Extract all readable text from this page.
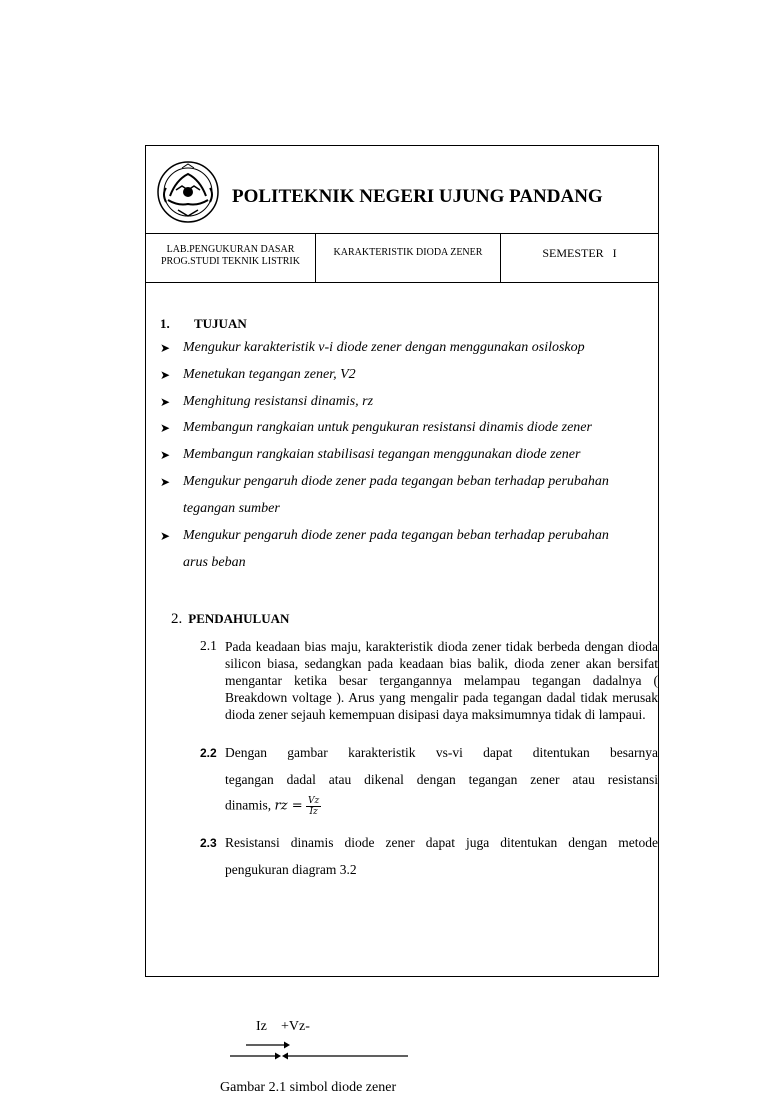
POLITEKNIK NEGERI UJUNG PANDANG
LAB.PENGUKURAN DASAR
PROG.STUDI TEKNIK LISTRIK
KARAKTERISTIK DIODA ZENER	SEMESTER   I
1. TUJUAN
➤ Mengukur karakteristik v-i diode zener dengan menggunakan osiloskop
➤ Menetukan tegangan zener, V2
➤ Menghitung resistansi dinamis, rz
➤ Membangun rangkaian untuk pengukuran resistansi dinamis diode zener
➤ Membangun rangkaian stabilisasi tegangan menggunakan diode zener
➤ Mengukur pengaruh diode zener pada tegangan beban terhadap perubahan
tegangan sumber
➤ Mengukur pengaruh diode zener pada tegangan beban terhadap perubahan
arus beban
2. PENDAHULUAN
2.1 Pada keadaan bias maju, karakteristik dioda zener tidak berbeda dengan dioda silicon biasa, sedangkan pada keadaan bias balik, dioda zener akan bersifat mengantar ketika besar tergangannya melampau tegangan dadalnya ( Breakdown voltage ). Arus yang mengalir pada tegangan dadal tidak merusak dioda zener sejauh kemempuan disipasi daya maksimumnya tidak di lampaui.
2.2 Dengan gambar karakteristik vs-vi dapat ditentukan besarnya
tegangan dadal atau dikenal dengan tegangan zener atau resistansi
dinamis, rz = $\frac{Vz}{Iz}$
2.3 Resistansi dinamis diode zener dapat juga ditentukan dengan metode
pengukuran diagram 3.2
Iz +Vz-
Gambar 2.1 simbol diode zener
